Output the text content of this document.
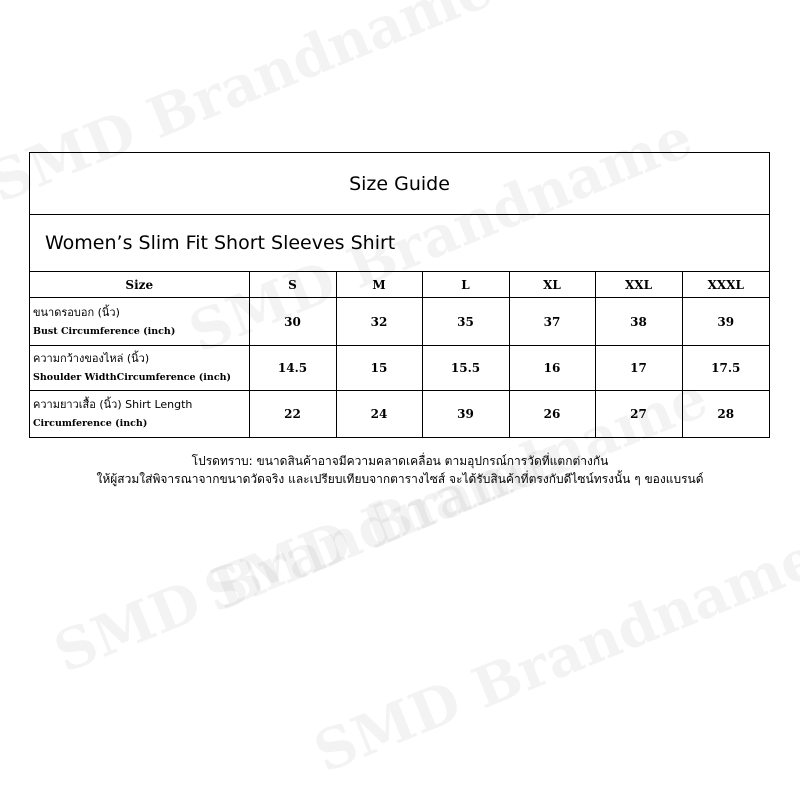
Size Guide
Women’s Slim Fit Short Sleeves Shirt
Size	S	M	L	XL	XXL	XXXL

ขนาดรอบอก (นิ้ว)
Bust Circumference (inch)	30	32	35	37	38	39

ความกว้างของไหล่ (นิ้ว)
Shoulder WidthCircumference (inch)	14.5	15	15.5	16	17	17.5

ความยาวเสื้อ (นิ้ว) Shirt Length
Circumference (inch)	22	24	39	26	27	28
โปรดทราบ: ขนาดสินค้าอาจมีความคลาดเคลื่อน ตามอุปกรณ์การวัดที่แตกต่างกัน
ให้ผู้สวมใส่พิจารณาจากขนาดวัดจริง และเปรียบเทียบจากตารางไซส์ จะได้รับสินค้าที่ตรงกับดีไซน์ทรงนั้น ๆ ของแบรนด์
